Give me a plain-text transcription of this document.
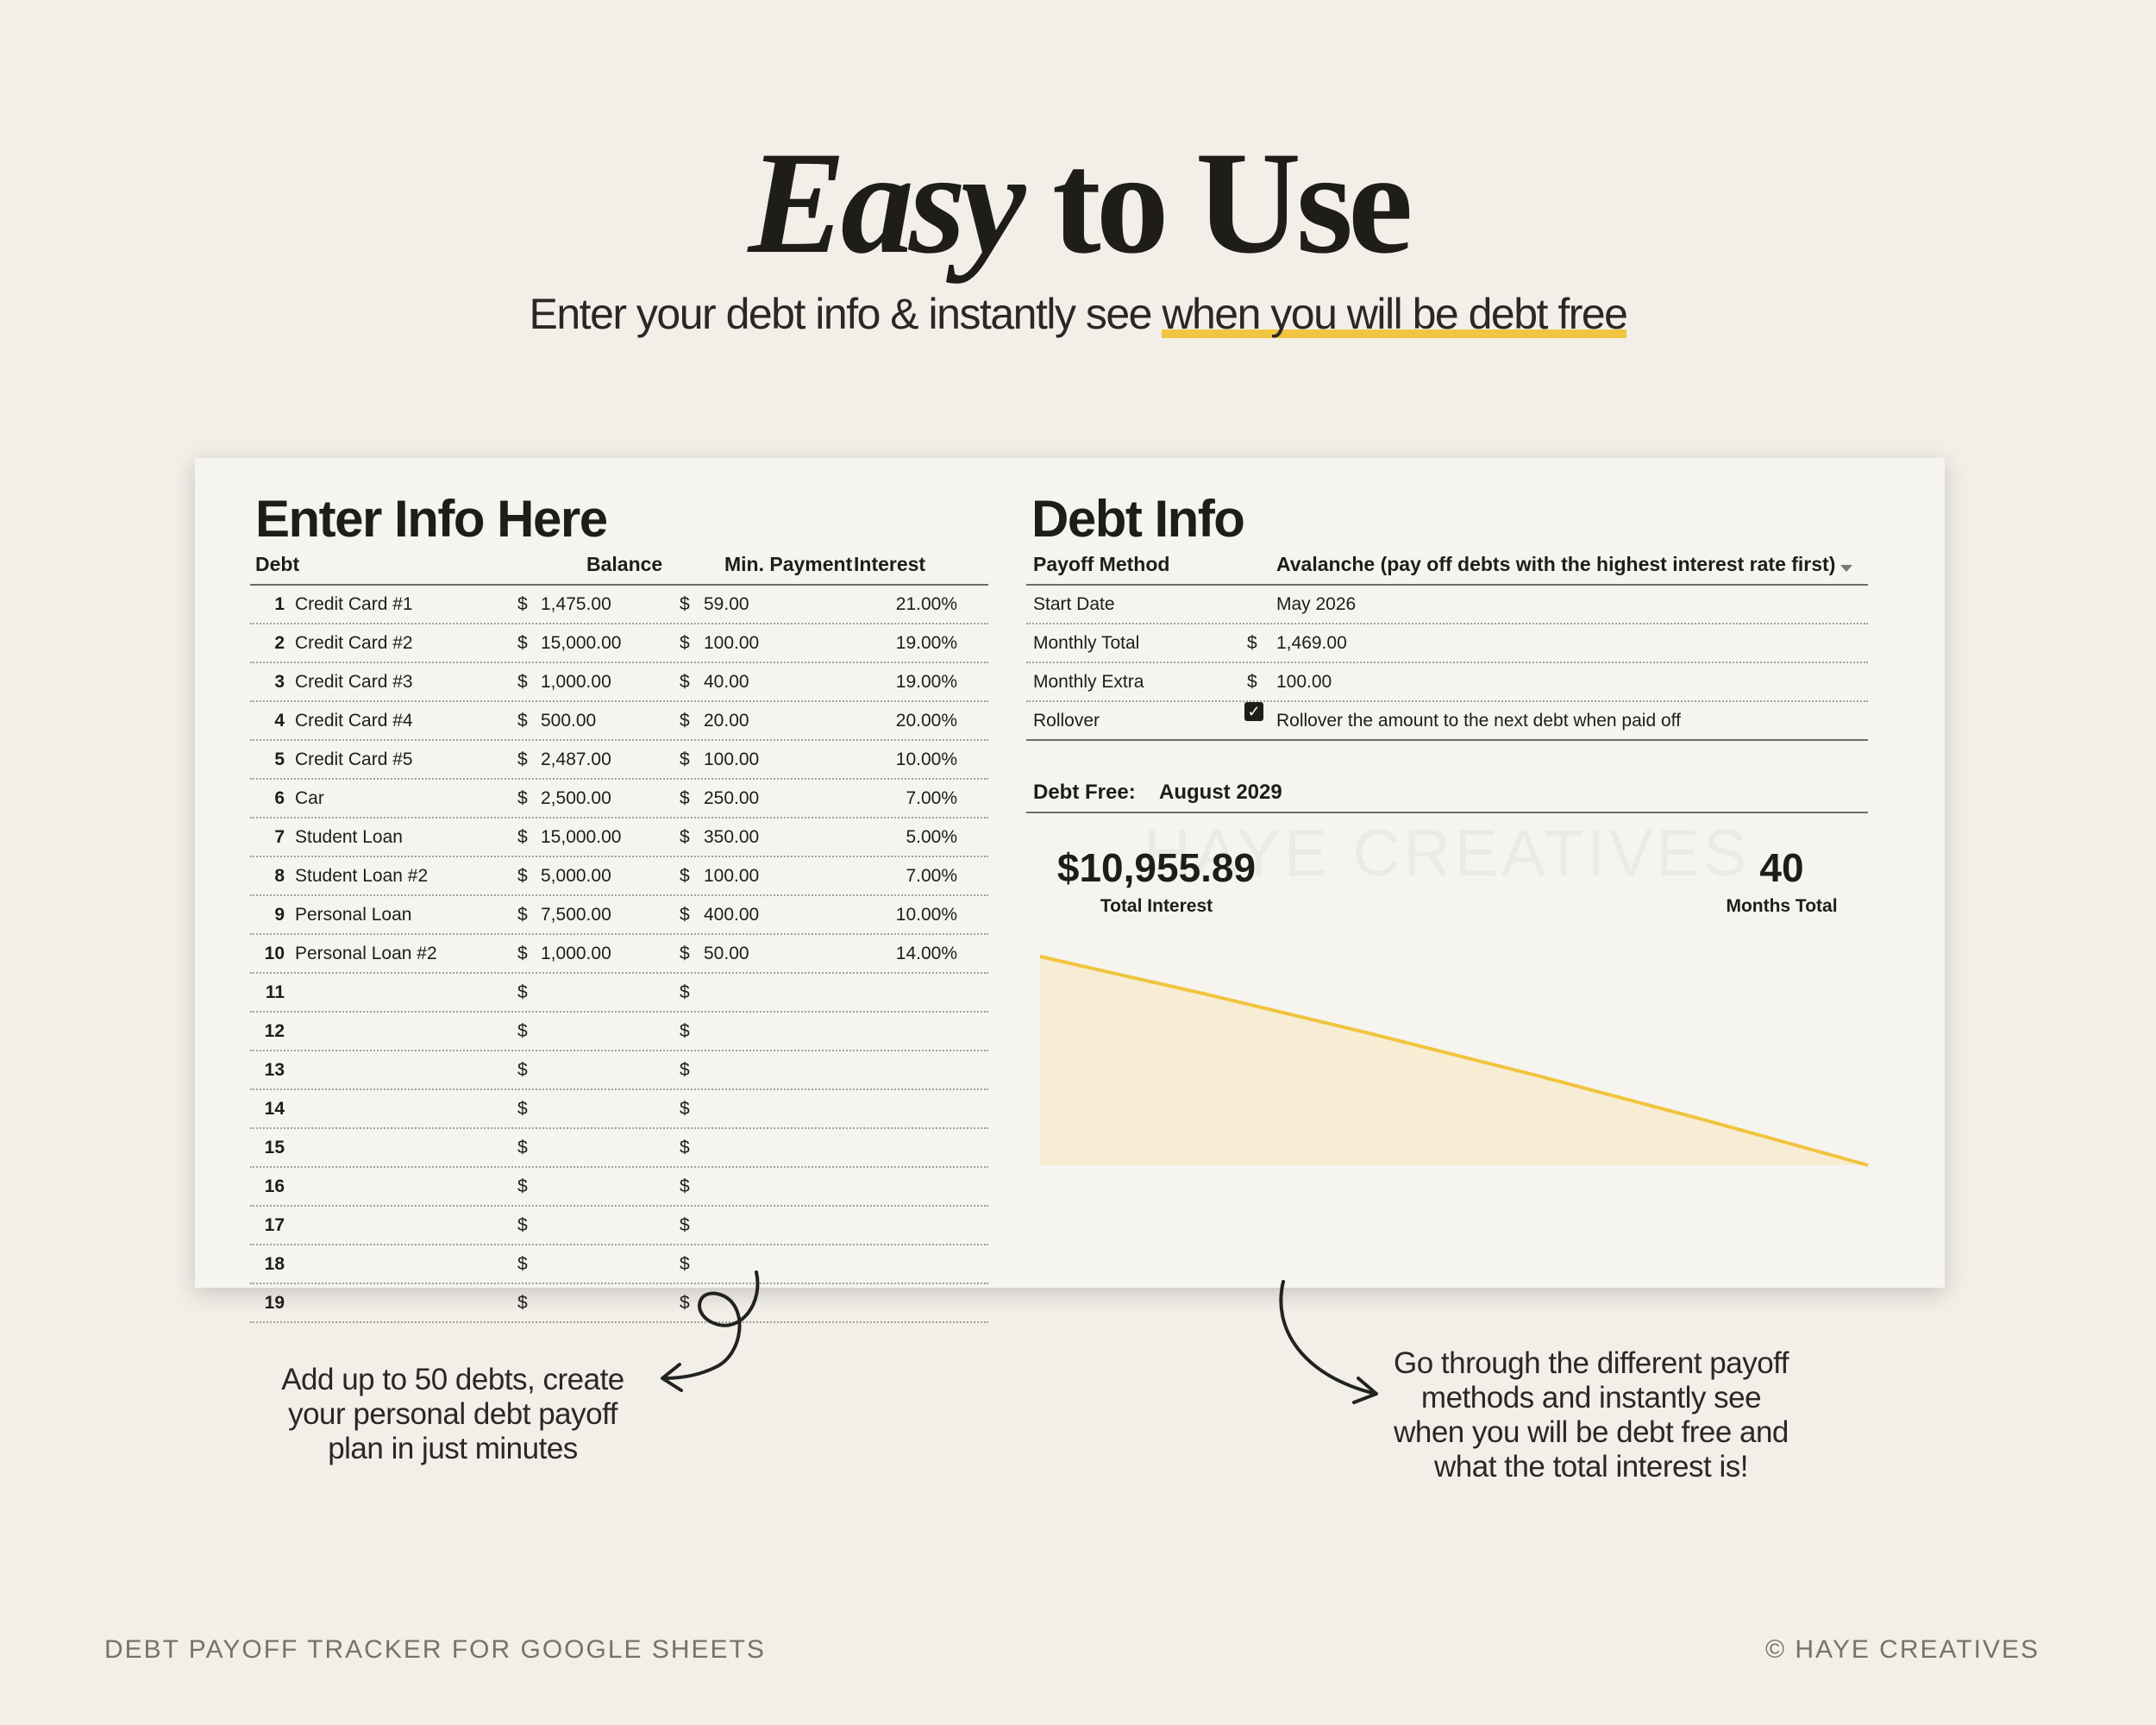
Easy to Use
Enter your debt info & instantly see when you will be debt free
Enter Info Here
Debt	Balance	Min. Payment Interest
1 Credit Card #1	$ 1,475.00	$ 59.00	21.00%
2 Credit Card #2	$ 15,000.00	$ 100.00	19.00%
3 Credit Card #3	$ 1,000.00	$ 40.00	19.00%
4 Credit Card #4	$ 500.00	$ 20.00	20.00%
5 Credit Card #5	$ 2,487.00	$ 100.00	10.00%
6 Car	$ 2,500.00	$ 250.00	7.00%
7 Student Loan	$ 15,000.00	$ 350.00	5.00%
8 Student Loan #2	$ 5,000.00	$ 100.00	7.00%
9 Personal Loan	$ 7,500.00	$ 400.00	10.00%
10 Personal Loan #2	$ 1,000.00	$ 50.00	14.00%
11	$	$
12	$	$
13	$	$
14	$	$
15	$	$
16	$	$
17	$	$
18	$	$
19	$	$
Debt Info
Payoff Method	Avalanche (pay off debts with the highest interest rate first)
Start Date	May 2026
Monthly Total	$ 1,469.00
Monthly Extra	$ 100.00
Rollover	✓ Rollover the amount to the next debt when paid off
Debt Free: August 2029
$10,955.89
Total Interest
40
Months Total
Add up to 50 debts, create
your personal debt payoff
plan in just minutes
Go through the different payoff
methods and instantly see
when you will be debt free and
what the total interest is!
DEBT PAYOFF TRACKER FOR GOOGLE SHEETS	© HAYE CREATIVES
